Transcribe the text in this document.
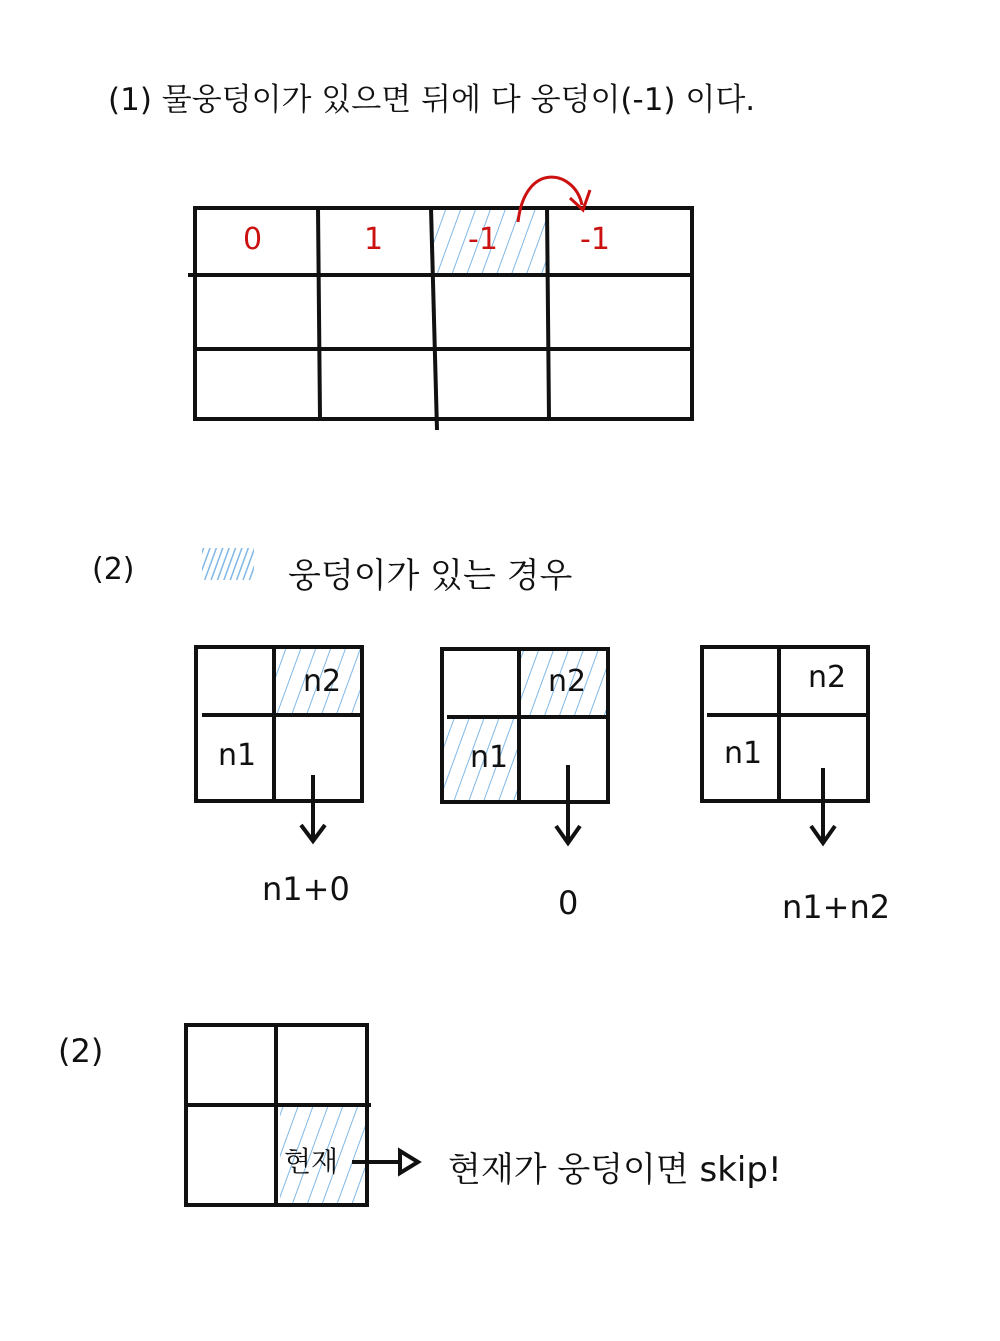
(1) 물웅덩이가 있으면 뒤에 다 웅덩이(-1) 이다.
0	1	-1	-1
(2)	웅덩이가 있는 경우
n2
n1
n1+0
n2
n1
0
n2
n1
n1+n2
(2)
현재	현재가 웅덩이면 skip!
